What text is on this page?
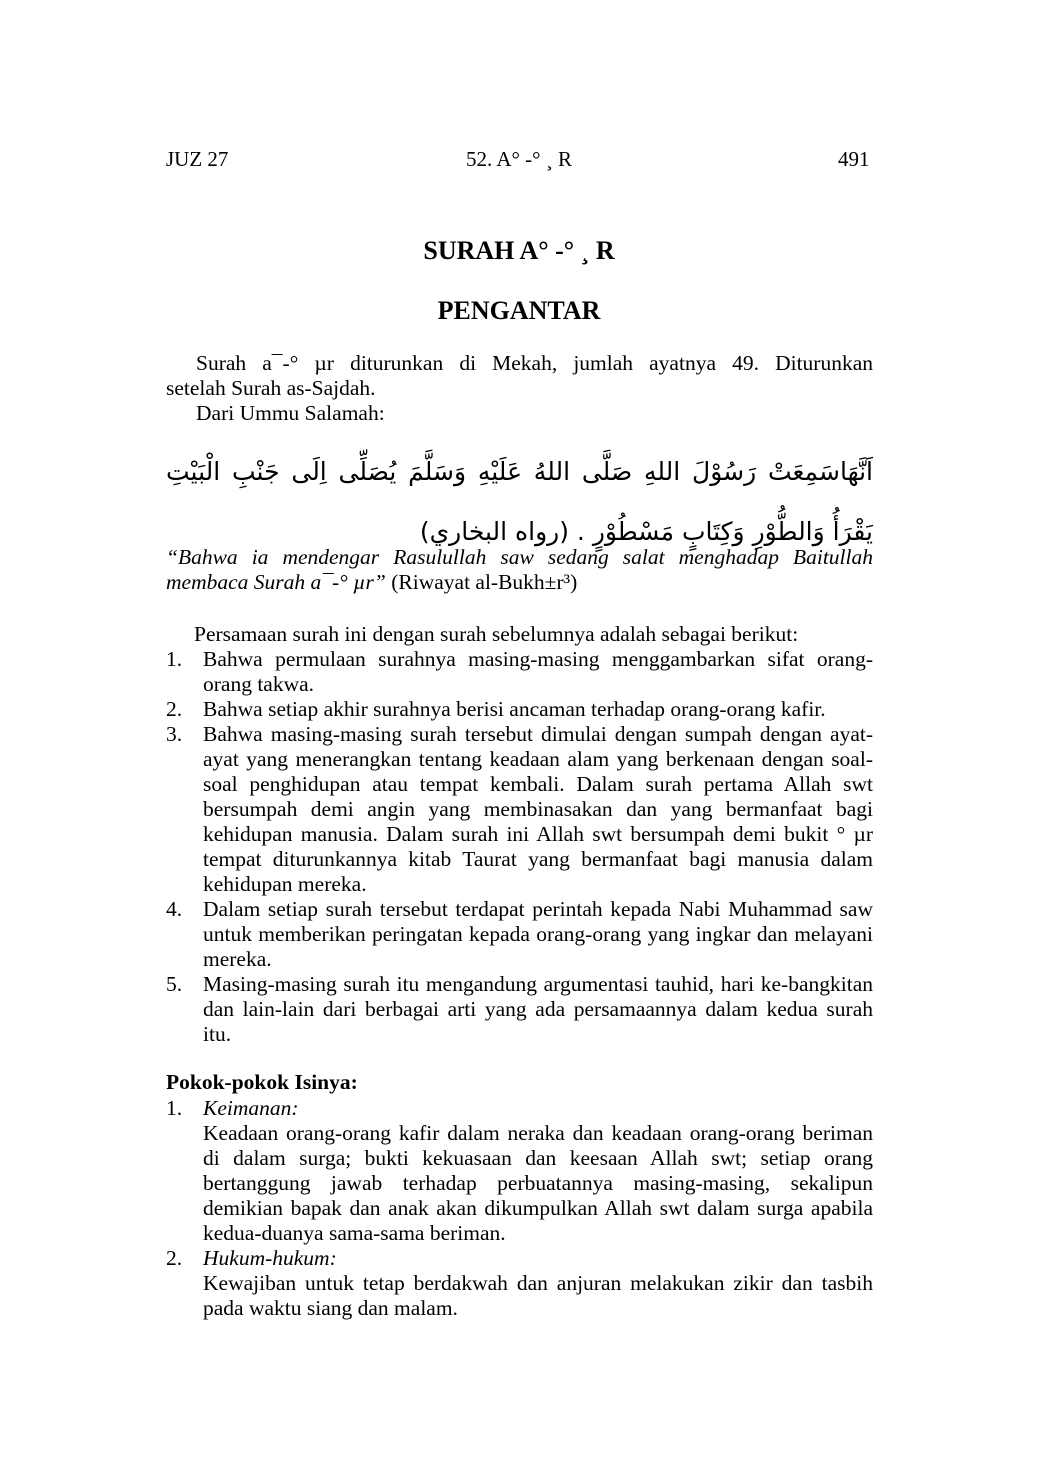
JUZ 27	52. A° -° ¸ R	491
SURAH A° -° ¸ R
PENGANTAR
Surah a¯-° µr diturunkan di Mekah, jumlah ayatnya 49. Diturunkan
setelah Surah as-Sajdah.
Dari Ummu Salamah:
اَنَّهَاسَمِعَتْ رَسُوْلَ اللهِ صَلَّى اللهُ عَلَيْهِ وَسَلَّمَ يُصَلِّى اِلَى جَنْبِ الْبَيْتِ يَقْرَأُ وَالطُّوْرِ وَكِتَابٍ مَسْطُوْرٍ . (رواه البخاري)
“Bahwa ia mendengar Rasulullah saw sedang salat menghadap Baitullah membaca Surah a¯-° µr” (Riwayat al-Bukh±r³)
Persamaan surah ini dengan surah sebelumnya adalah sebagai berikut:
1. Bahwa permulaan surahnya masing-masing menggambarkan sifat orang-orang takwa.
2. Bahwa setiap akhir surahnya berisi ancaman terhadap orang-orang kafir.
3. Bahwa masing-masing surah tersebut dimulai dengan sumpah dengan ayat-ayat yang menerangkan tentang keadaan alam yang berkenaan dengan soal-soal penghidupan atau tempat kembali. Dalam surah pertama Allah swt bersumpah demi angin yang membinasakan dan yang bermanfaat bagi kehidupan manusia. Dalam surah ini Allah swt bersumpah demi bukit ° µr tempat diturunkannya kitab Taurat yang bermanfaat bagi manusia dalam kehidupan mereka.
4. Dalam setiap surah tersebut terdapat perintah kepada Nabi Muhammad saw untuk memberikan peringatan kepada orang-orang yang ingkar dan melayani mereka.
5. Masing-masing surah itu mengandung argumentasi tauhid, hari ke-bangkitan dan lain-lain dari berbagai arti yang ada persamaannya dalam kedua surah itu.
Pokok-pokok Isinya:
1. Keimanan:
Keadaan orang-orang kafir dalam neraka dan keadaan orang-orang beriman di dalam surga; bukti kekuasaan dan keesaan Allah swt; setiap orang bertanggung jawab terhadap perbuatannya masing-masing, sekalipun demikian bapak dan anak akan dikumpulkan Allah swt dalam surga apabila kedua-duanya sama-sama beriman.
2. Hukum-hukum:
Kewajiban untuk tetap berdakwah dan anjuran melakukan zikir dan tasbih pada waktu siang dan malam.
